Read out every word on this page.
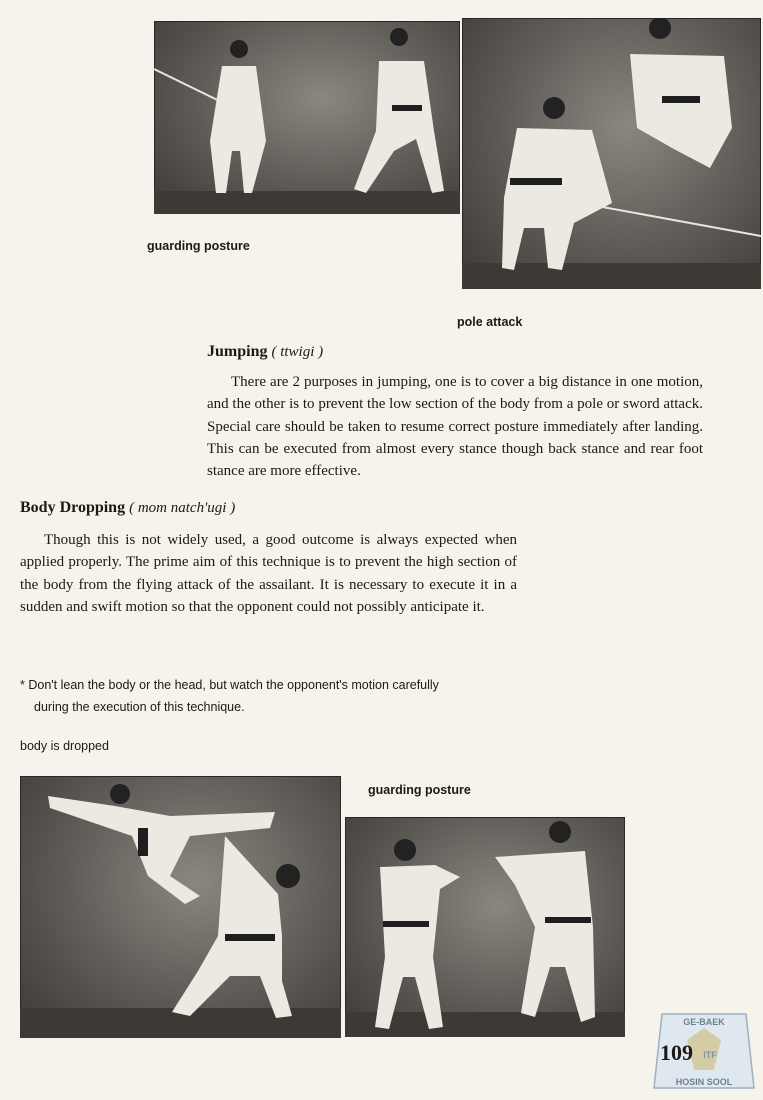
guarding posture
pole attack
guarding posture
Jumping ( ttwigi )
There are 2 purposes in jumping, one is to cover a big distance in one motion, and the other is to prevent the low section of the body from a pole or sword attack. Special care should be taken to resume correct posture immediately after landing. This can be executed from almost every stance though back stance and rear foot stance are more effective.
Body Dropping ( mom natch'ugi )
Though this is not widely used, a good outcome is always expected when applied properly. The prime aim of this technique is to prevent the high section of the body from the flying attack of the assailant. It is necessary to execute it in a sudden and swift motion so that the opponent could not possibly anticipate it.
* Don't lean the body or the head, but watch the opponent's motion carefully
during the execution of this technique.
body is dropped
GE-BAEK
ITF
HOSIN SOOL
109
